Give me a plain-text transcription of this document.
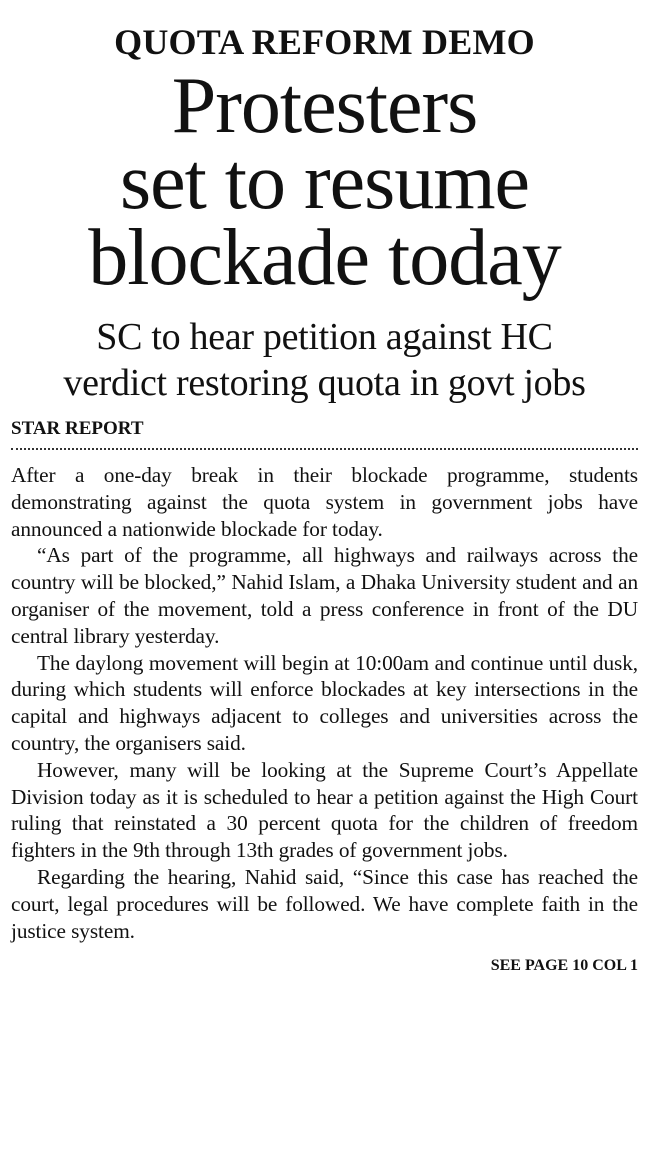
QUOTA REFORM DEMO
Protesters
set to resume
blockade today
SC to hear petition against HC
verdict restoring quota in govt jobs
STAR REPORT

After a one-day break in their blockade programme, students demonstrating against the quota system in government jobs have announced a nationwide blockade for today.

“As part of the programme, all highways and railways across the country will be blocked,” Nahid Islam, a Dhaka University student and an organiser of the movement, told a press conference in front of the DU central library yesterday.

The daylong movement will begin at 10:00am and continue until dusk, during which students will enforce blockades at key intersections in the capital and highways adjacent to colleges and universities across the country, the organisers said.

However, many will be looking at the Supreme Court’s Appellate Division today as it is scheduled to hear a petition against the High Court ruling that reinstated a 30 percent quota for the children of freedom fighters in the 9th through 13th grades of government jobs.

Regarding the hearing, Nahid said, “Since this case has reached the court, legal procedures will be followed. We have complete faith in the justice system.

SEE PAGE 10 COL 1
